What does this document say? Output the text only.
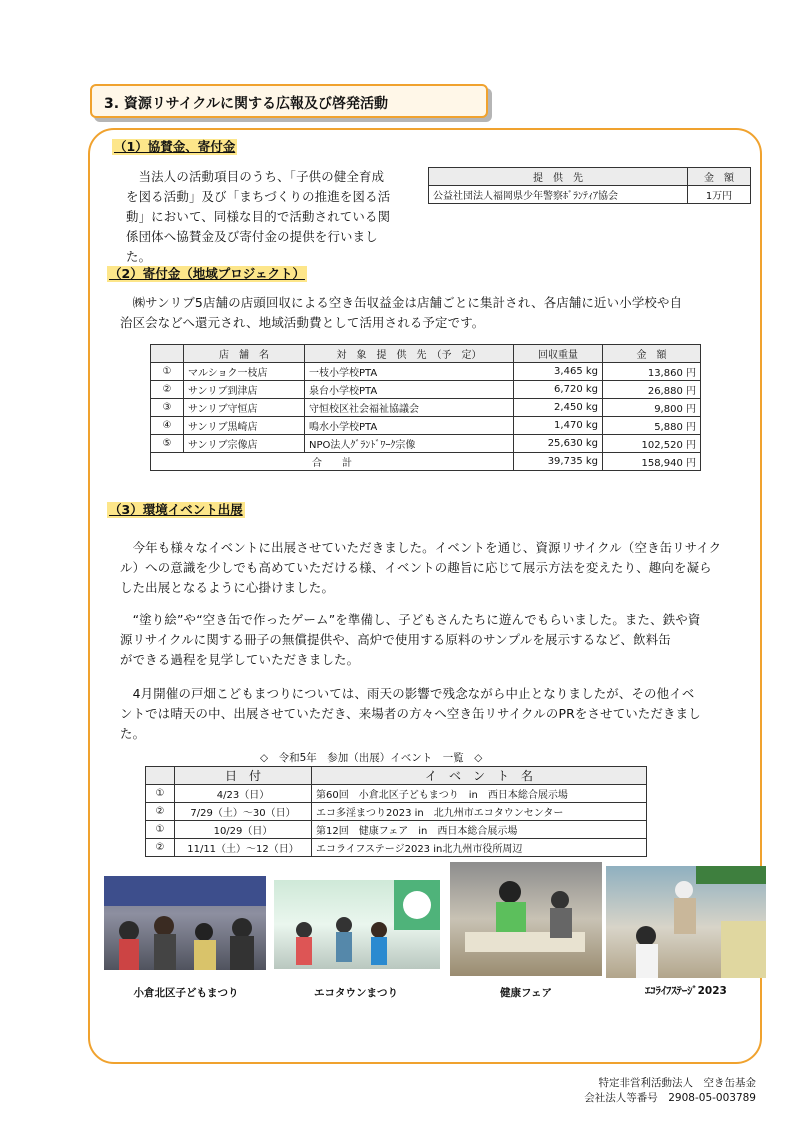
3. 資源リサイクルに関する広報及び啓発活動
（1）協賛金、寄付金
　当法人の活動項目のうち、「子供の健全育成
を図る活動」及び「まちづくりの推進を図る活
動」において、同様な目的で活動されている関
係団体へ協賛金及び寄付金の提供を行いまし
た。
提　供　先	金　額
公益社団法人福岡県少年警察ﾎﾞﾗﾝﾃｨｱ協会	1万円
（2）寄付金（地域プロジェクト）
　㈱サンリブ5店舗の店頭回収による空き缶収益金は店舗ごとに集計され、各店舗に近い小学校や自
治区会などへ還元され、地域活動費として活用される予定です。
	店　舗　名	対　象　提　供　先　（予　定）	回収重量	金　額
①	マルショク一枝店	一枝小学校PTA	3,465 kg	13,860 円
②	サンリブ到津店	泉台小学校PTA	6,720 kg	26,880 円
③	サンリブ守恒店	守恒校区社会福祉協議会	2,450 kg	9,800 円
④	サンリブ黒崎店	鳴水小学校PTA	1,470 kg	5,880 円
⑤	サンリブ宗像店	NPO法人ｸﾞﾗﾝﾄﾞﾜｰｸ宗像	25,630 kg	102,520 円
合　　計			39,735 kg	158,940 円
（3）環境イベント出展
　今年も様々なイベントに出展させていただきました。イベントを通じ、資源リサイクル（空き缶リサイク
ル）への意識を少しでも高めていただける様、イベントの趣旨に応じて展示方法を変えたり、趣向を凝ら
した出展となるように心掛けました。
　“塗り絵”や“空き缶で作ったゲーム”を準備し、子どもさんたちに遊んでもらいました。また、鉄や資
源リサイクルに関する冊子の無償提供や、高炉で使用する原料のサンプルを展示するなど、飲料缶
ができる過程を見学していただきました。
　4月開催の戸畑こどもまつりについては、雨天の影響で残念ながら中止となりましたが、その他イベ
ントでは晴天の中、出展させていただき、来場者の方々へ空き缶リサイクルのPRをさせていただきまし
た。
◇　令和5年　参加（出展）イベント　一覧　◇
	日　付	イ　ベ　ン　ト　名
①	4/23（日）	第60回　小倉北区子どもまつり　in　西日本総合展示場
②	7/29（土）～30（日）	エコ多淫まつり2023 in　北九州市エコタウンセンター
①	10/29（日）	第12回　健康フェア　in　西日本総合展示場
②	11/11（土）～12（日）	エコライフステージ2023 in北九州市役所周辺
小倉北区子どもまつり	エコタウンまつり	健康フェア	ｴｺﾗｲﾌｽﾃｰｼﾞ2023
特定非営利活動法人　空き缶基金
会社法人等番号　2908-05-003789
